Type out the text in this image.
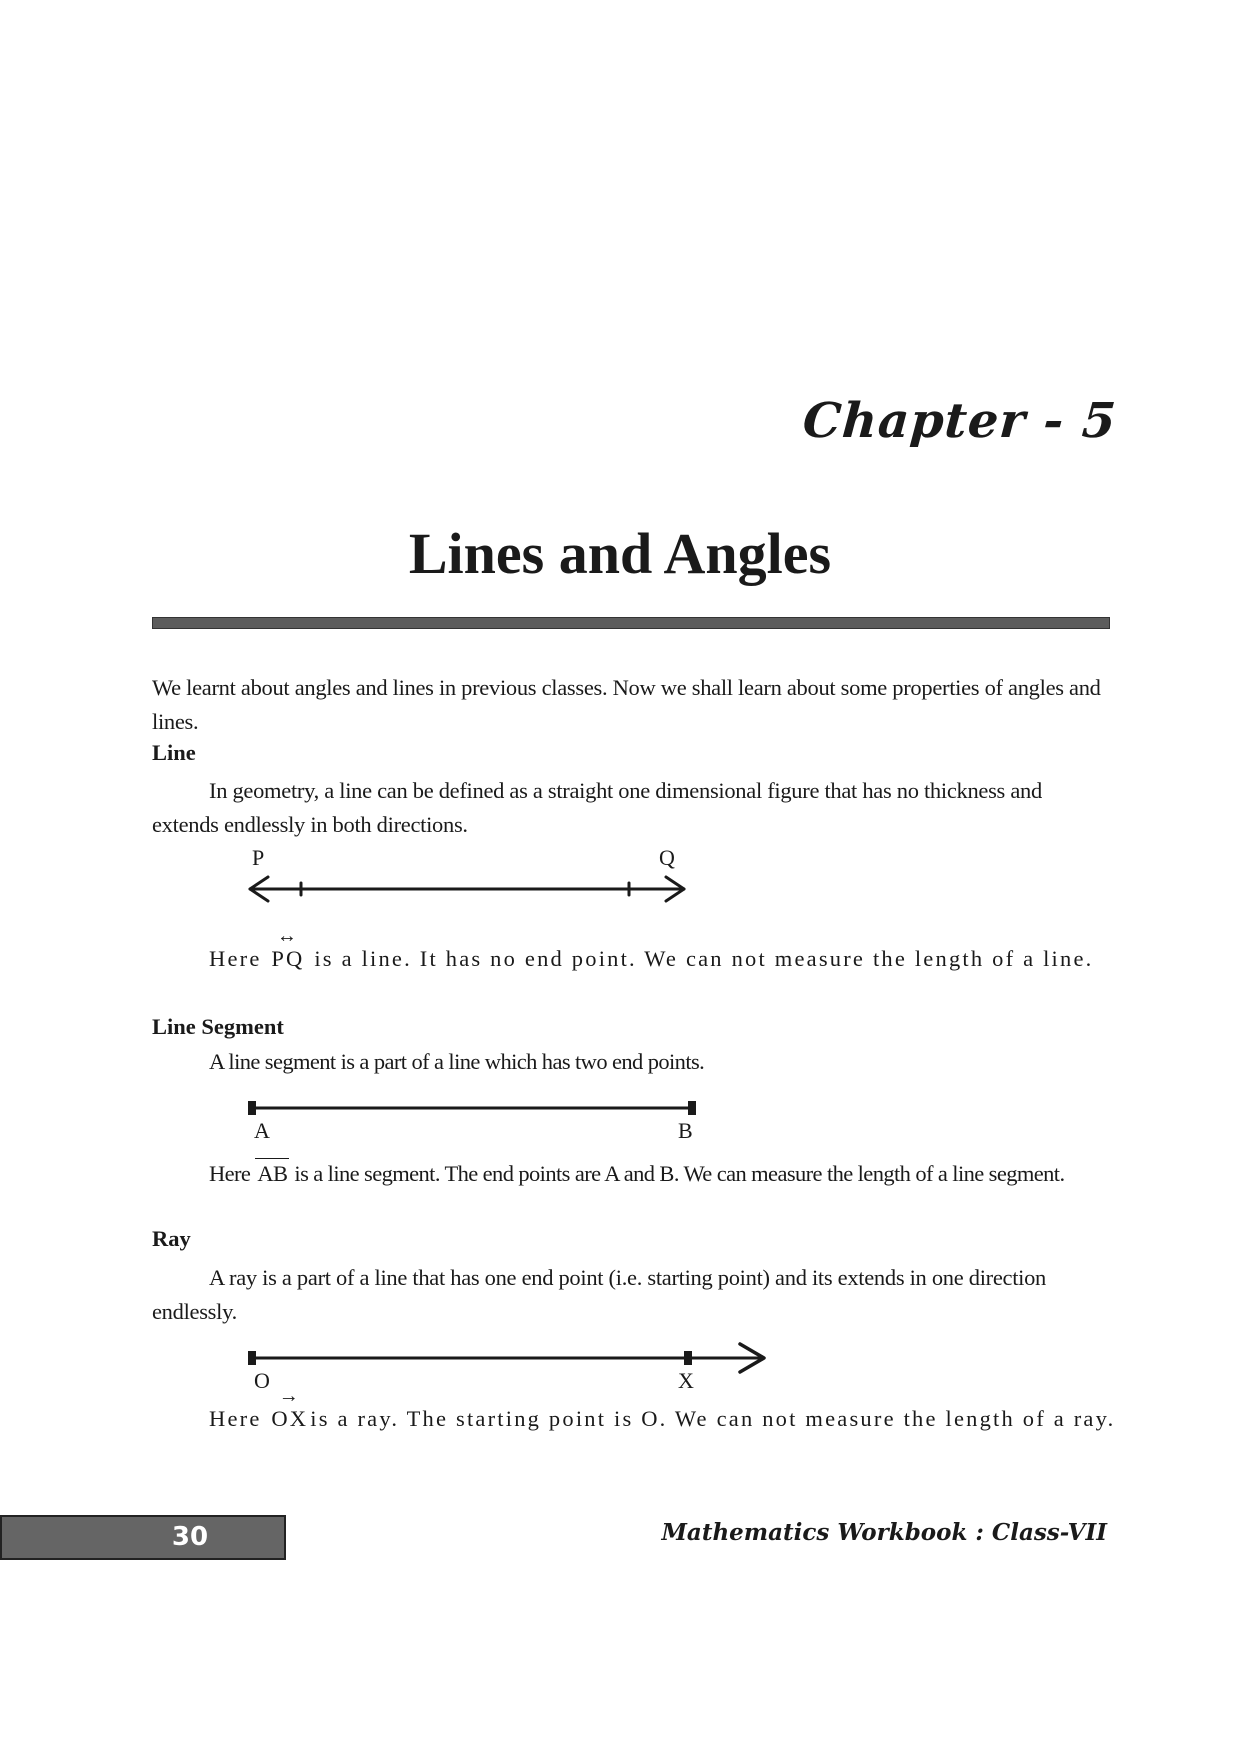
Chapter - 5
Lines and Angles
We learnt about angles and lines in previous classes. Now we shall learn about some properties of angles and lines.
Line
In geometry, a line can be defined as a straight one dimensional figure that has no thickness and extends endlessly in both directions.
P	Q
Here
↔
PQ is a line. It has no end point. We can not measure the length of a line.
Line Segment
A line segment is a part of a line which has two end points.
A	B
Here AB is a line segment. The end points are A and B. We can measure the length of a line segment.
Ray
A ray is a part of a line that has one end point (i.e. starting point) and its extends in one direction endlessly.
O	X
Here
→
OXis a ray. The starting point is O. We can not measure the length of a ray.
30	Mathematics Workbook : Class-VII
